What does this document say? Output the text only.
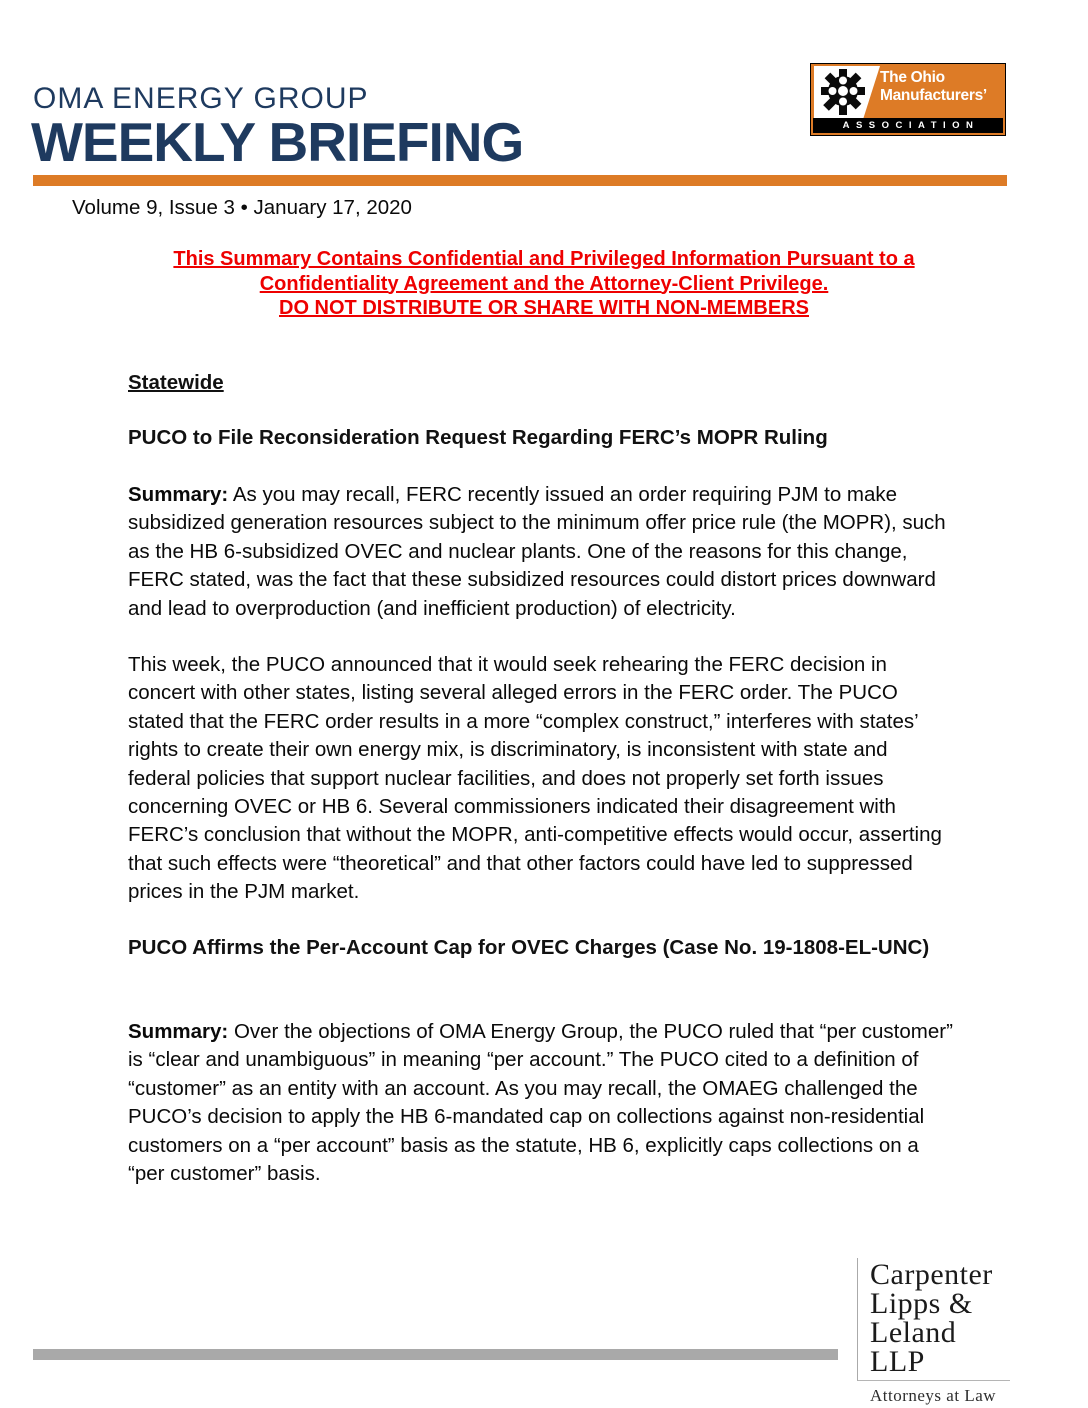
OMA ENERGY GROUP
WEEKLY BRIEFING
The Ohio
Manufacturers’
ASSOCIATION
Volume 9, Issue 3 • January 17, 2020
This Summary Contains Confidential and Privileged Information Pursuant to a
Confidentiality Agreement and the Attorney-Client Privilege.
DO NOT DISTRIBUTE OR SHARE WITH NON-MEMBERS
Statewide
PUCO to File Reconsideration Request Regarding FERC’s MOPR Ruling
Summary: As you may recall, FERC recently issued an order requiring PJM to make subsidized generation resources subject to the minimum offer price rule (the MOPR), such as the HB 6-subsidized OVEC and nuclear plants. One of the reasons for this change, FERC stated, was the fact that these subsidized resources could distort prices downward and lead to overproduction (and inefficient production) of electricity.
This week, the PUCO announced that it would seek rehearing the FERC decision in concert with other states, listing several alleged errors in the FERC order. The PUCO stated that the FERC order results in a more “complex construct,” interferes with states’ rights to create their own energy mix, is discriminatory, is inconsistent with state and federal policies that support nuclear facilities, and does not properly set forth issues concerning OVEC or HB 6. Several commissioners indicated their disagreement with FERC’s conclusion that without the MOPR, anti-competitive effects would occur, asserting that such effects were “theoretical” and that other factors could have led to suppressed prices in the PJM market.
PUCO Affirms the Per-Account Cap for OVEC Charges (Case No. 19-1808-EL-UNC)
Summary: Over the objections of OMA Energy Group, the PUCO ruled that “per customer” is “clear and unambiguous” in meaning “per account.” The PUCO cited to a definition of “customer” as an entity with an account. As you may recall, the OMAEG challenged the PUCO’s decision to apply the HB 6-mandated cap on collections against non-residential customers on a “per account” basis as the statute, HB 6, explicitly caps collections on a “per customer” basis.
Carpenter
Lipps &
Leland LLP
Attorneys at Law
